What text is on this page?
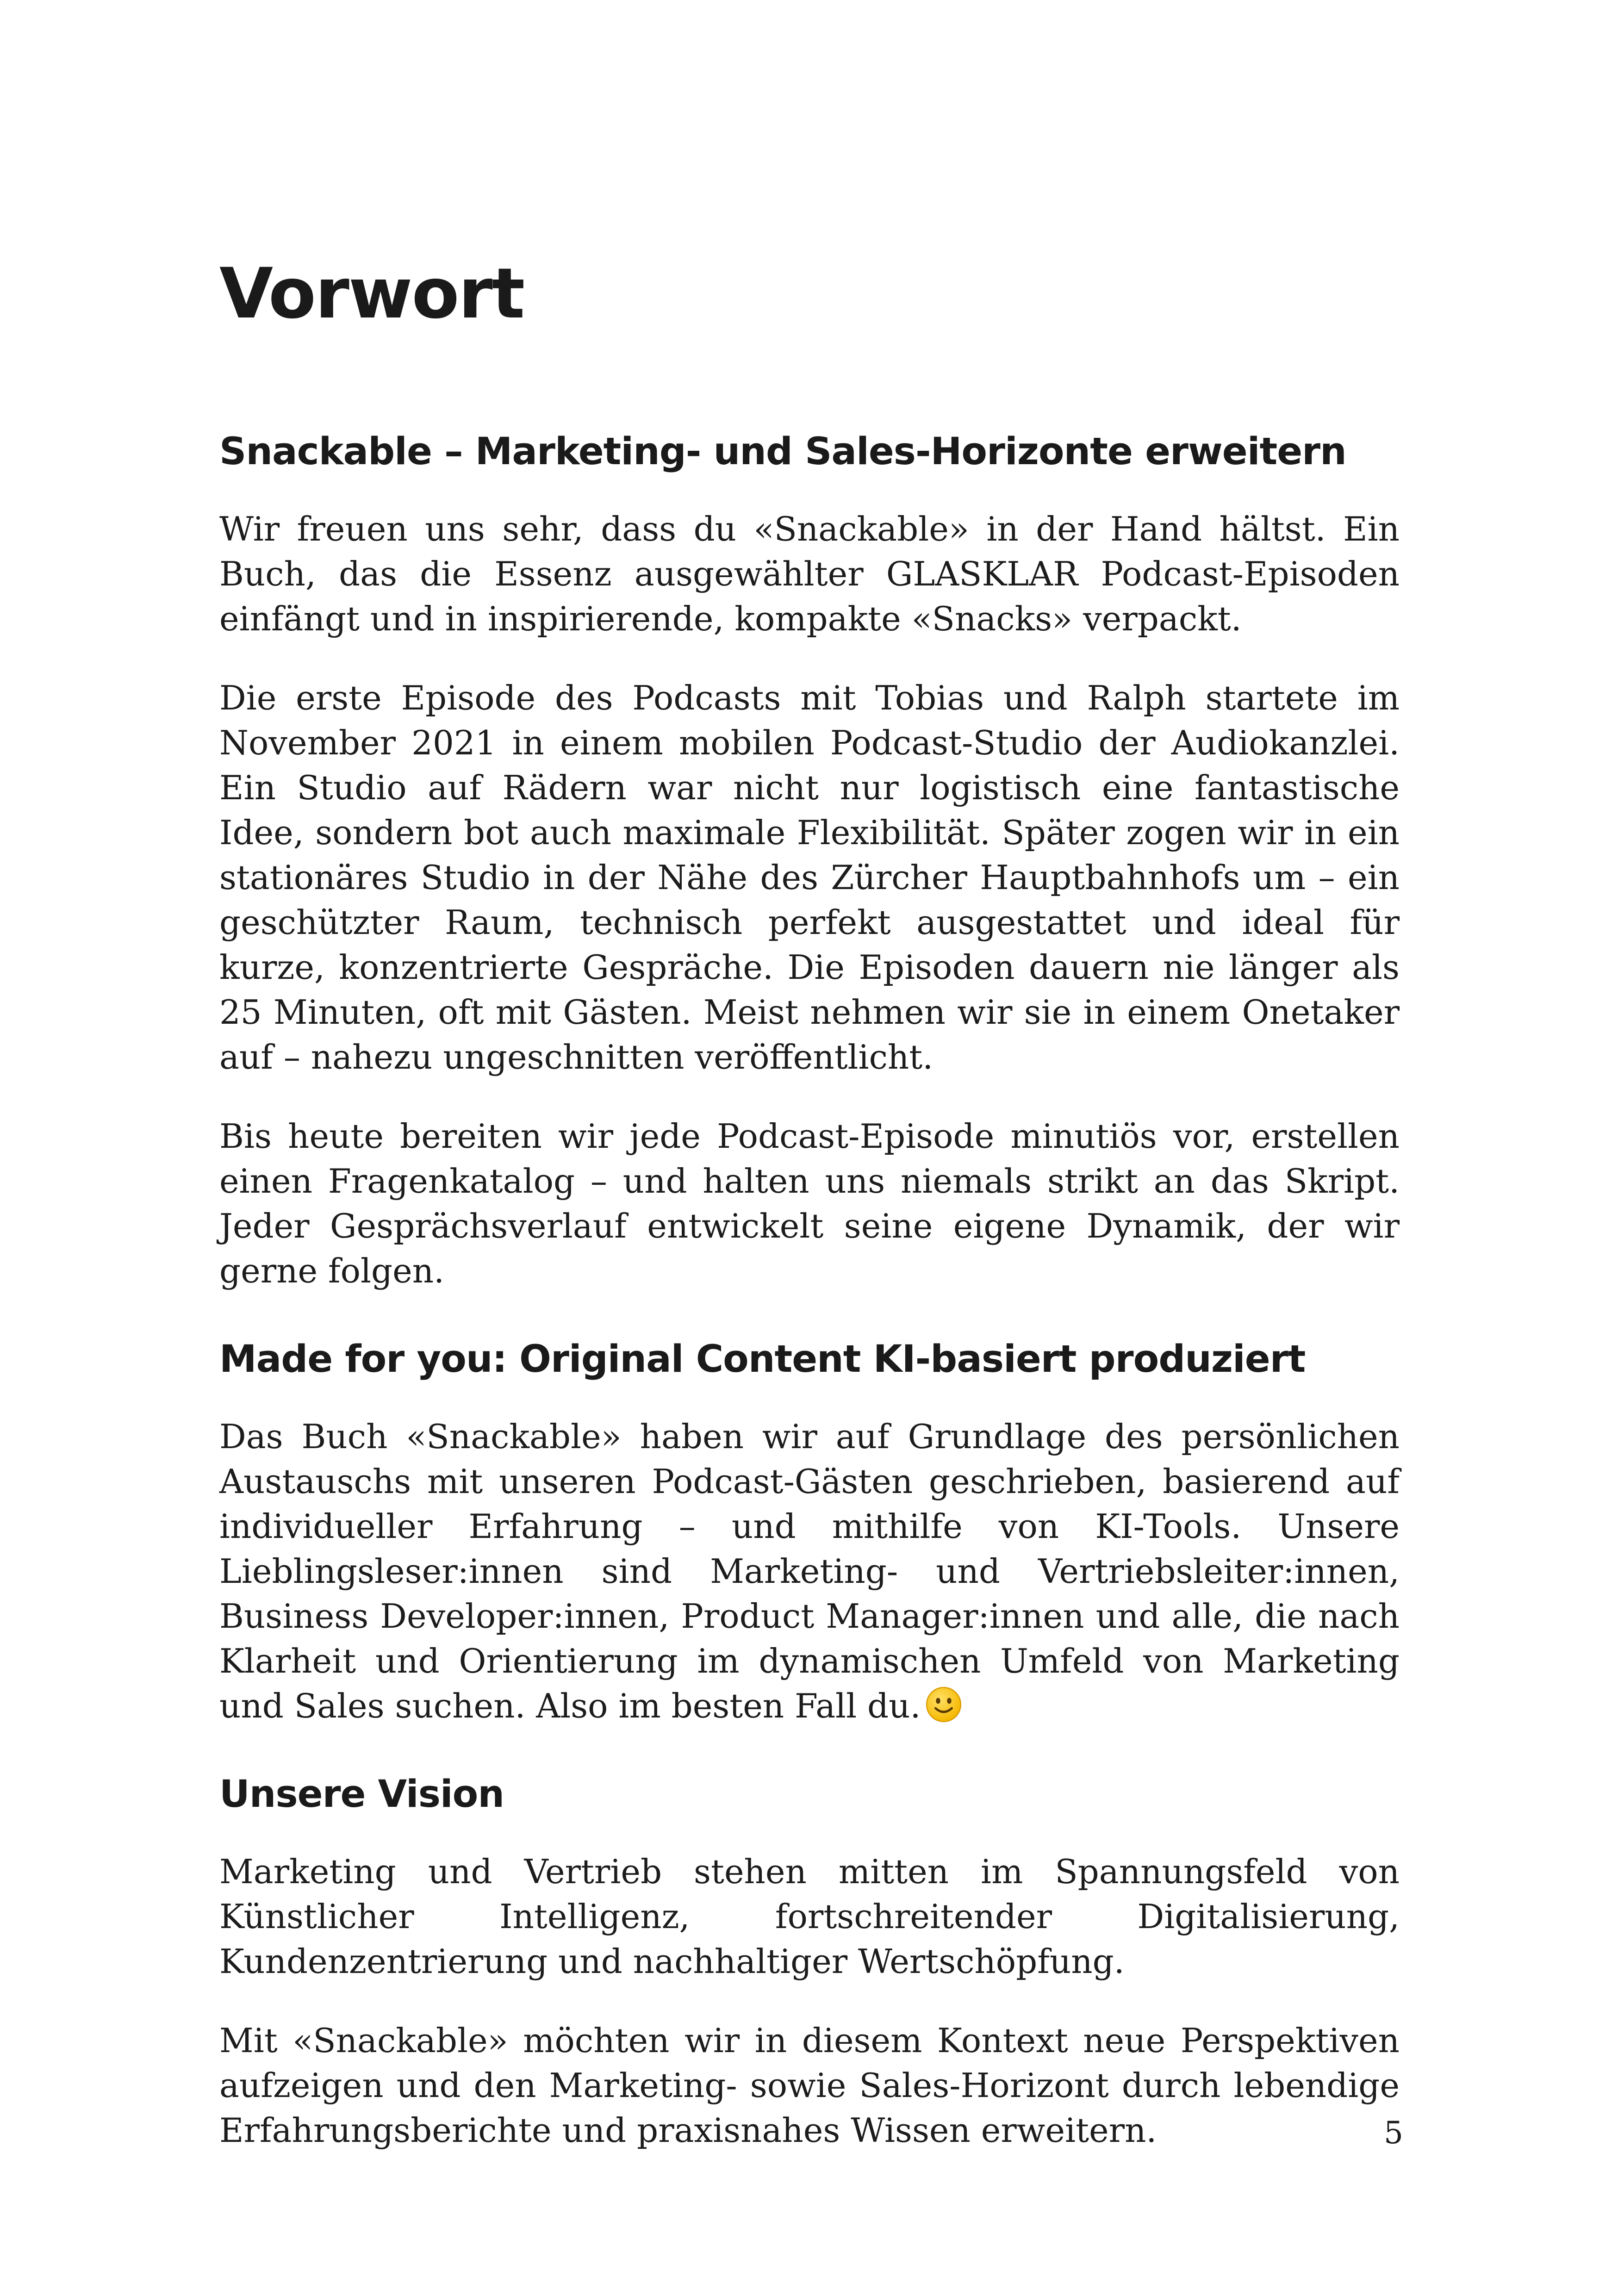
Vorwort
Snackable – Marketing- und Sales-Horizonte erweitern

Wir freuen uns sehr, dass du «Snackable» in der Hand hältst. Ein Buch, das die Essenz ausgewählter GLASKLAR Podcast-Episoden einfängt und in inspirierende, kompakte «Snacks» verpackt.

Die erste Episode des Podcasts mit Tobias und Ralph startete im November 2021 in einem mobilen Podcast-Studio der Audiokanzlei. Ein Studio auf Rädern war nicht nur logistisch eine fantastische Idee, sondern bot auch maximale Flexibilität. Später zogen wir in ein stationäres Studio in der Nähe des Zürcher Hauptbahnhofs um – ein geschützter Raum, technisch perfekt ausgestattet und ideal für kurze, konzentrierte Gespräche. Die Episoden dauern nie länger als 25 Minuten, oft mit Gästen. Meist nehmen wir sie in einem Onetaker auf – nahezu ungeschnitten veröffentlicht.

Bis heute bereiten wir jede Podcast-Episode minutiös vor, erstellen einen Fragenkatalog – und halten uns niemals strikt an das Skript. Jeder Gesprächsverlauf entwickelt seine eigene Dynamik, der wir gerne folgen.

Made for you: Original Content KI-basiert produziert

Das Buch «Snackable» haben wir auf Grundlage des persönlichen Austauschs mit unseren Podcast-Gästen geschrieben, basierend auf individueller Erfahrung – und mithilfe von KI-Tools. Unsere Lieblingsleser:innen sind Marketing- und Vertriebsleiter:innen, Business Developer:innen, Product Manager:innen und alle, die nach Klarheit und Orientierung im dynamischen Umfeld von Marketing und Sales suchen. Also im besten Fall du.

Unsere Vision

Marketing und Vertrieb stehen mitten im Spannungsfeld von Künstlicher Intelligenz, fortschreitender Digitalisierung, Kundenzentrierung und nachhaltiger Wertschöpfung.

Mit «Snackable» möchten wir in diesem Kontext neue Perspektiven aufzeigen und den Marketing- sowie Sales-Horizont durch lebendige Erfahrungsberichte und praxisnahes Wissen erweitern.	5
